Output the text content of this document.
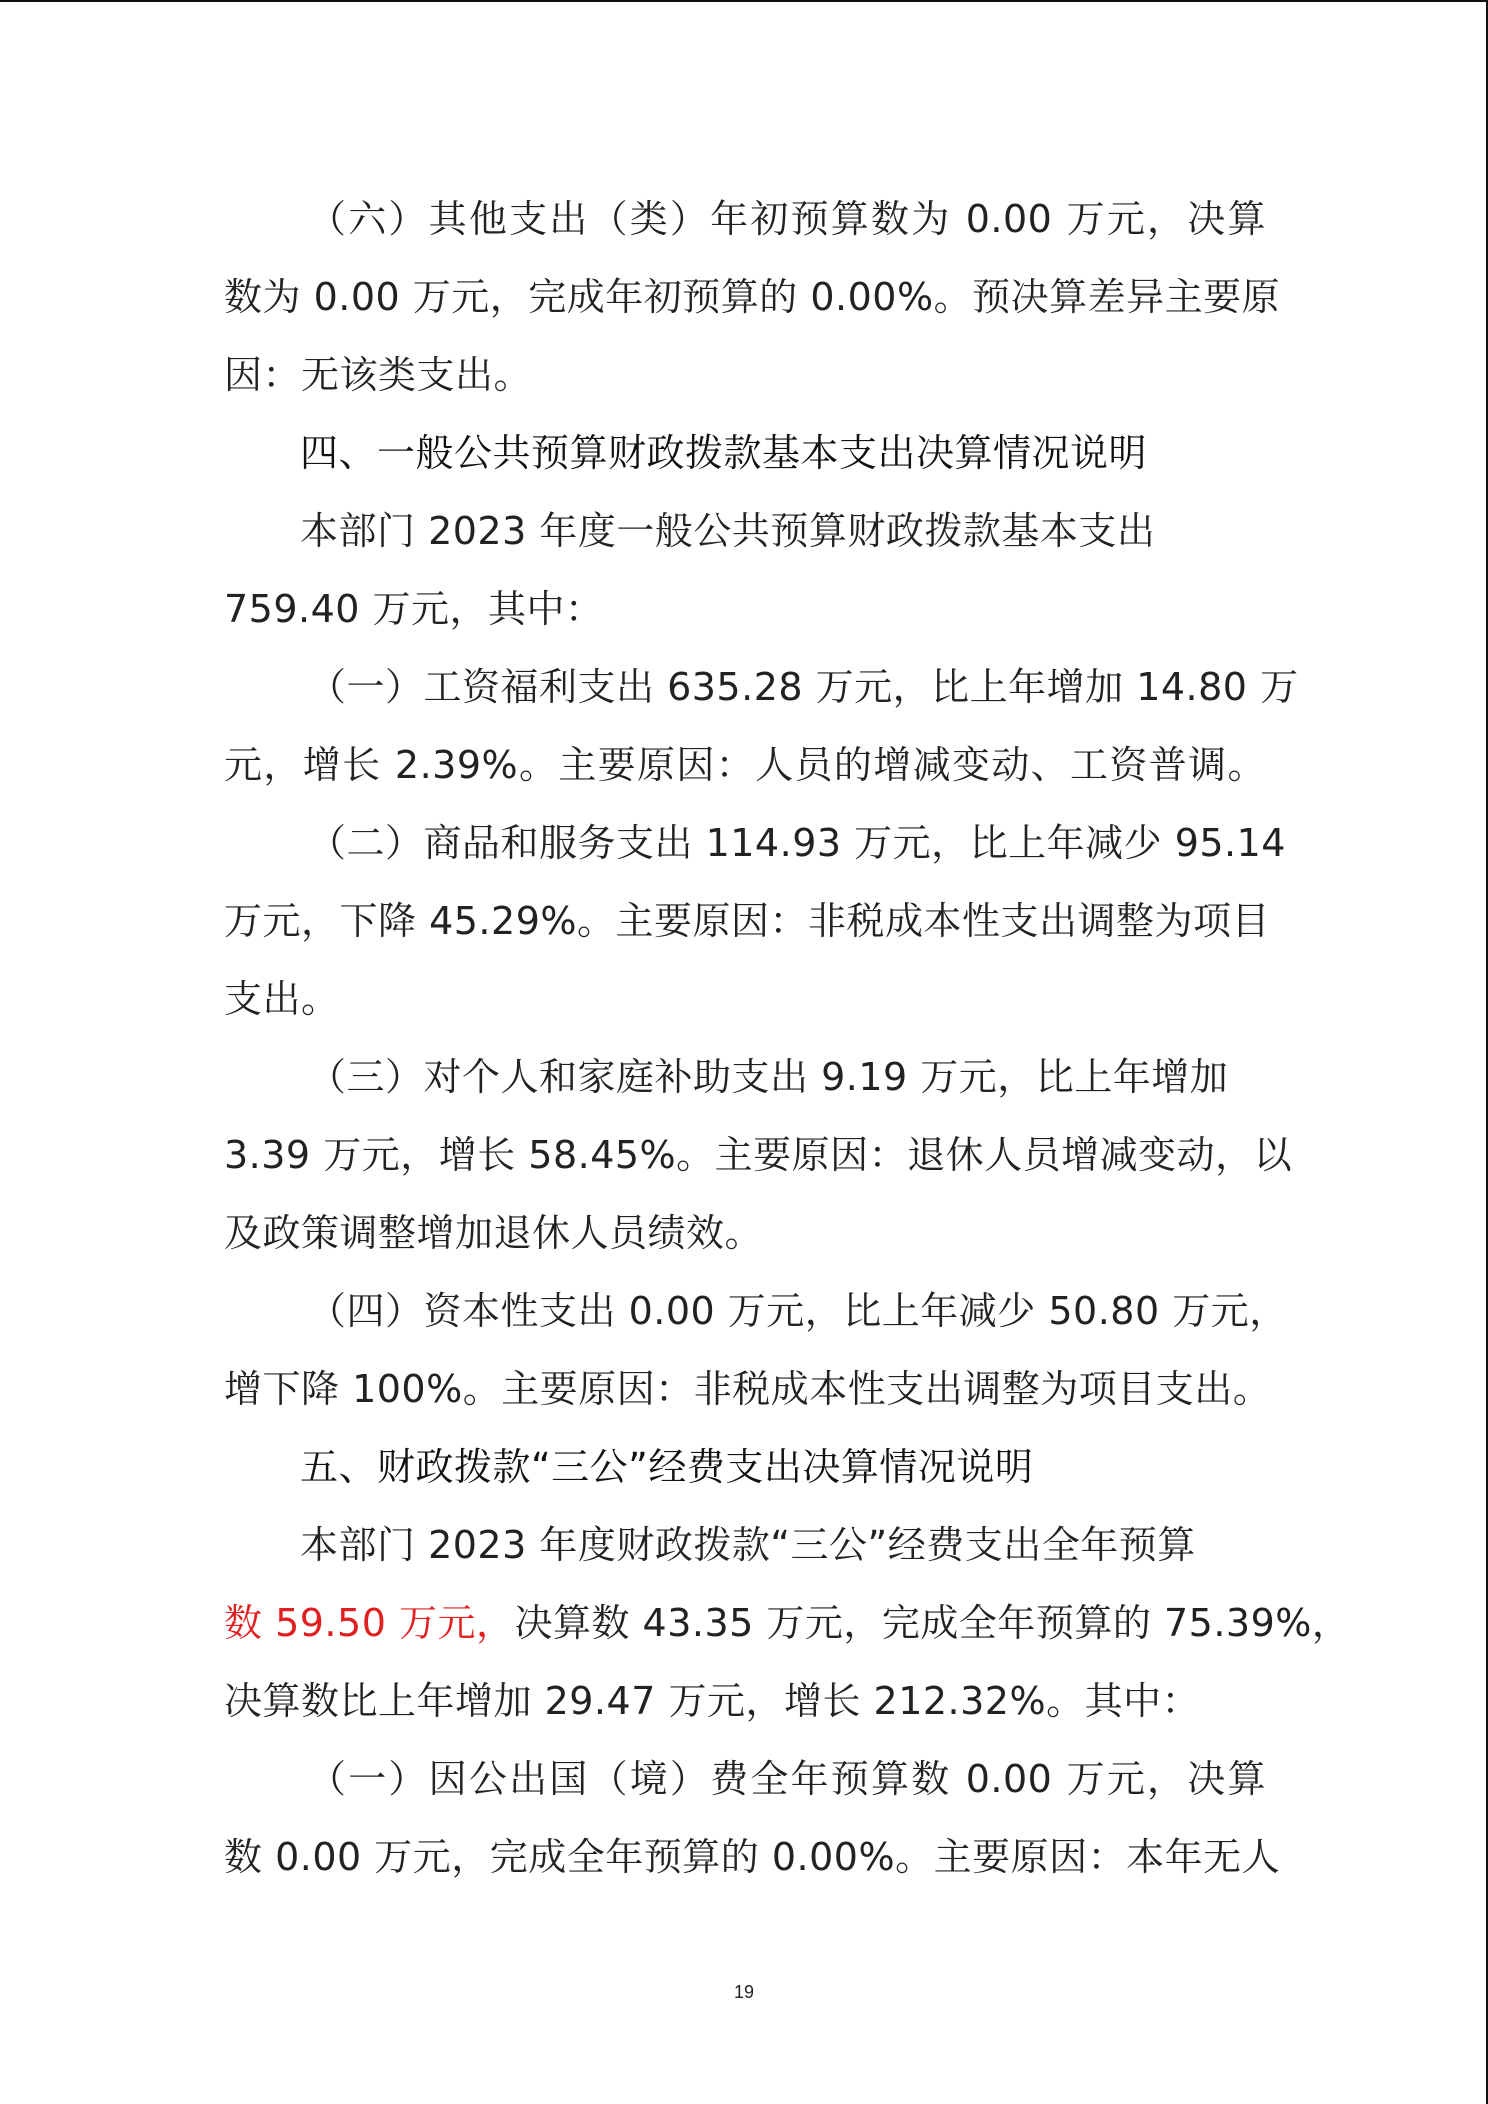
（六）其他支出（类）年初预算数为 0.00 万元，决算
数为 0.00 万元，完成年初预算的 0.00%。预决算差异主要原
因：无该类支出。
四、一般公共预算财政拨款基本支出决算情况说明
本部门 2023 年度一般公共预算财政拨款基本支出
759.40 万元，其中：
（一）工资福利支出 635.28 万元，比上年增加 14.80 万
元，增长 2.39%。主要原因：人员的增减变动、工资普调。
（二）商品和服务支出 114.93 万元，比上年减少 95.14
万元，下降 45.29%。主要原因：非税成本性支出调整为项目
支出。
（三）对个人和家庭补助支出 9.19 万元，比上年增加
3.39 万元，增长 58.45%。主要原因：退休人员增减变动，以
及政策调整增加退休人员绩效。
（四）资本性支出 0.00 万元，比上年减少 50.80 万元，
增下降 100%。主要原因：非税成本性支出调整为项目支出。
五、财政拨款“三公”经费支出决算情况说明
本部门 2023 年度财政拨款“三公”经费支出全年预算
数 59.50 万元，决算数 43.35 万元，完成全年预算的 75.39%，
决算数比上年增加 29.47 万元，增长 212.32%。其中：
（一）因公出国（境）费全年预算数 0.00 万元，决算
数 0.00 万元，完成全年预算的 0.00%。主要原因：本年无人
19
